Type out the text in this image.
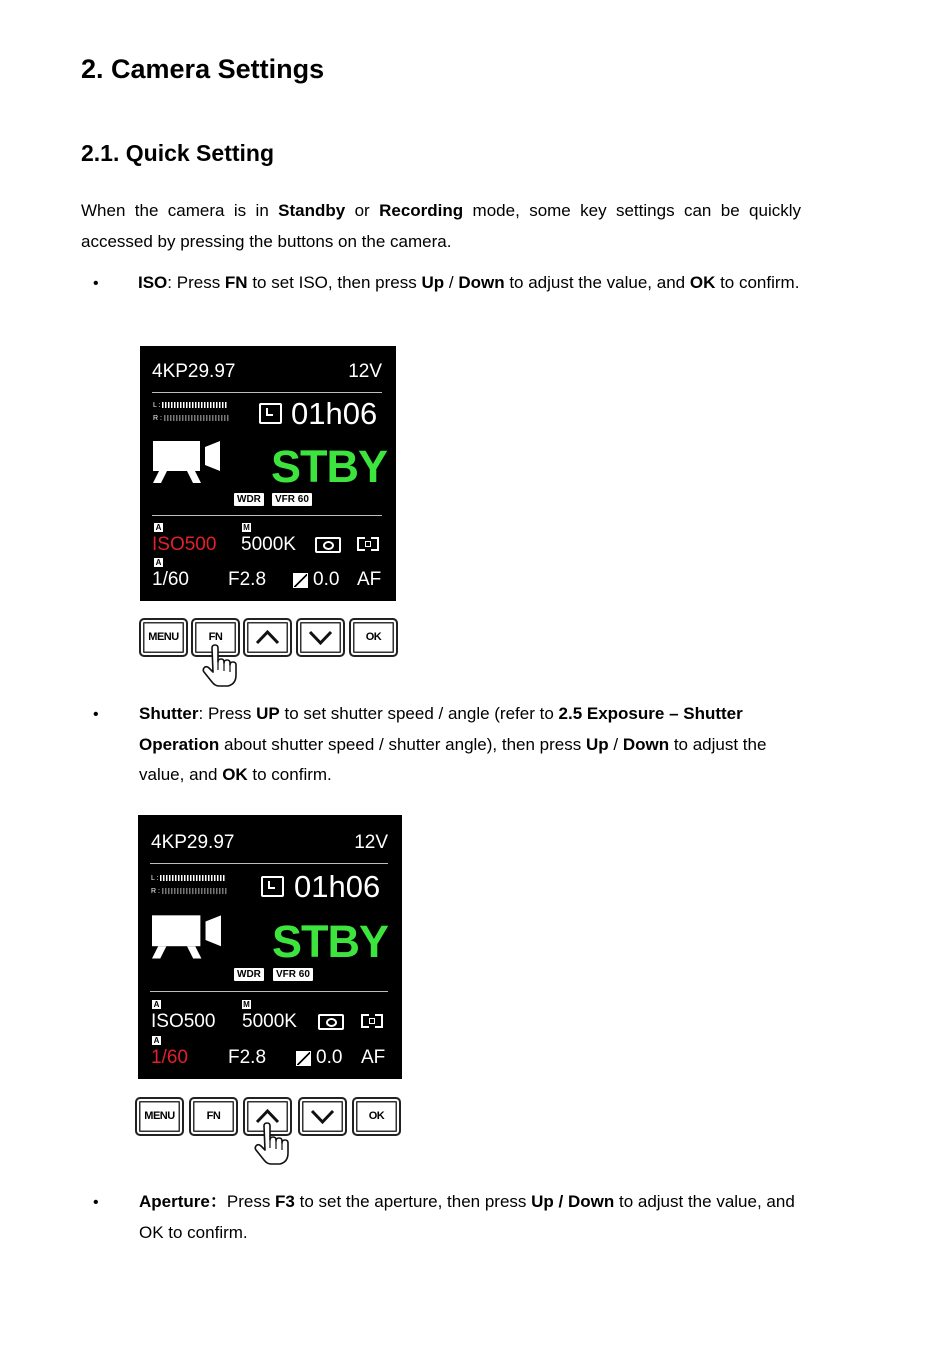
2. Camera Settings
2.1. Quick Setting

When the camera is in Standby or Recording mode, some key settings can be quickly accessed by pressing the buttons on the camera.

• ISO: Press FN to set ISO, then press Up / Down to adjust the value, and OK to confirm.

4KP29.97	12V
L :
R :	01h06
STBY
WDR	VFR 60
A	M
ISO500 5000K
A
1/60 F2.8 0.0 AF
MENU	FN	OK
• Shutter: Press UP to set shutter speed / angle (refer to 2.5 Exposure – Shutter Operation about shutter speed / shutter angle), then press Up / Down to adjust the value, and OK to confirm.

4KP29.97	12V
L :
R :	01h06
STBY
WDR	VFR 60
A	M
ISO500 5000K
A
1/60 F2.8	0.0 AF
MENU	FN	OK
• Aperture：Press F3 to set the aperture, then press Up / Down to adjust the value, and OK to confirm.
